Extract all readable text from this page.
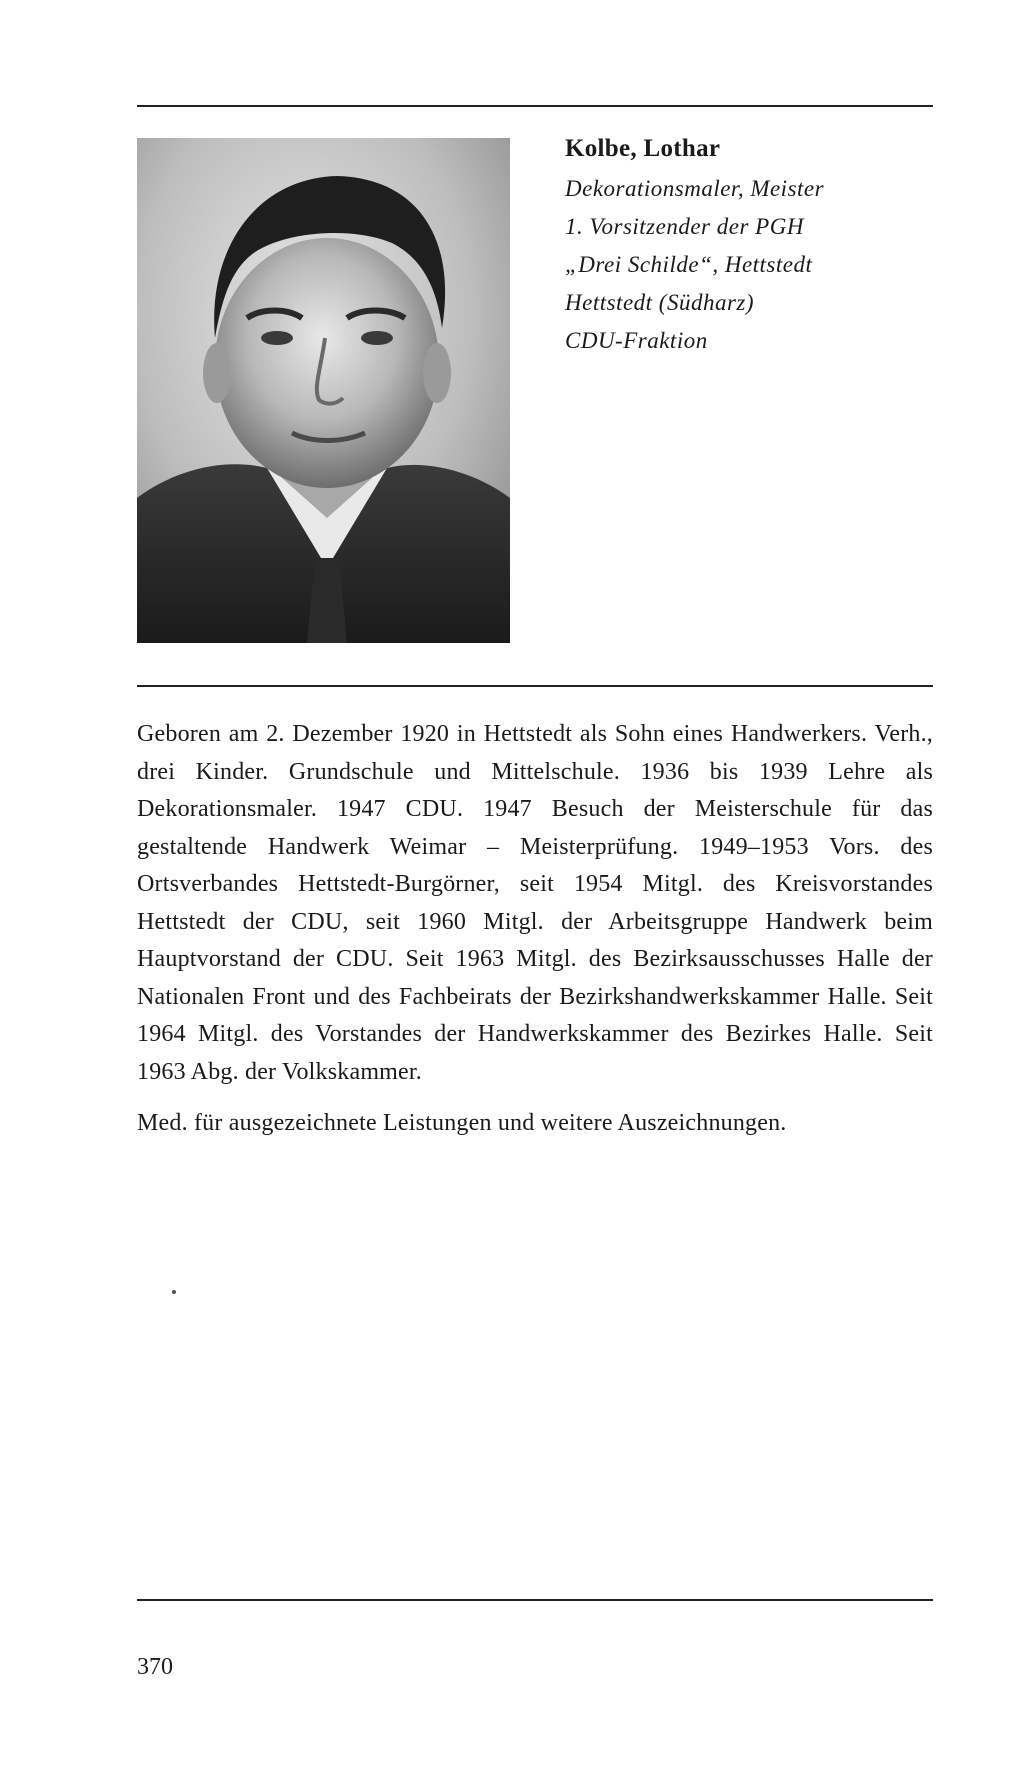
Kolbe, Lothar

Dekorationsmaler, Meister

1. Vorsitzender der PGH

„Drei Schilde“, Hettstedt

Hettstedt (Südharz)

CDU-Fraktion

Geboren am 2. Dezember 1920 in Hettstedt als Sohn eines Handwerkers. Verh., drei Kinder. Grundschule und Mittelschule. 1936 bis 1939 Lehre als Dekorationsmaler. 1947 CDU. 1947 Besuch der Meisterschule für das gestaltende Handwerk Weimar – Meisterprüfung. 1949–1953 Vors. des Ortsverbandes Hettstedt-Burgörner, seit 1954 Mitgl. des Kreisvorstandes Hettstedt der CDU, seit 1960 Mitgl. der Arbeitsgruppe Handwerk beim Hauptvorstand der CDU. Seit 1963 Mitgl. des Bezirksausschusses Halle der Nationalen Front und des Fachbeirats der Bezirkshandwerkskammer Halle. Seit 1964 Mitgl. des Vorstandes der Handwerkskammer des Bezirkes Halle. Seit 1963 Abg. der Volkskammer.

Med. für ausgezeichnete Leistungen und weitere Auszeichnungen.

370
